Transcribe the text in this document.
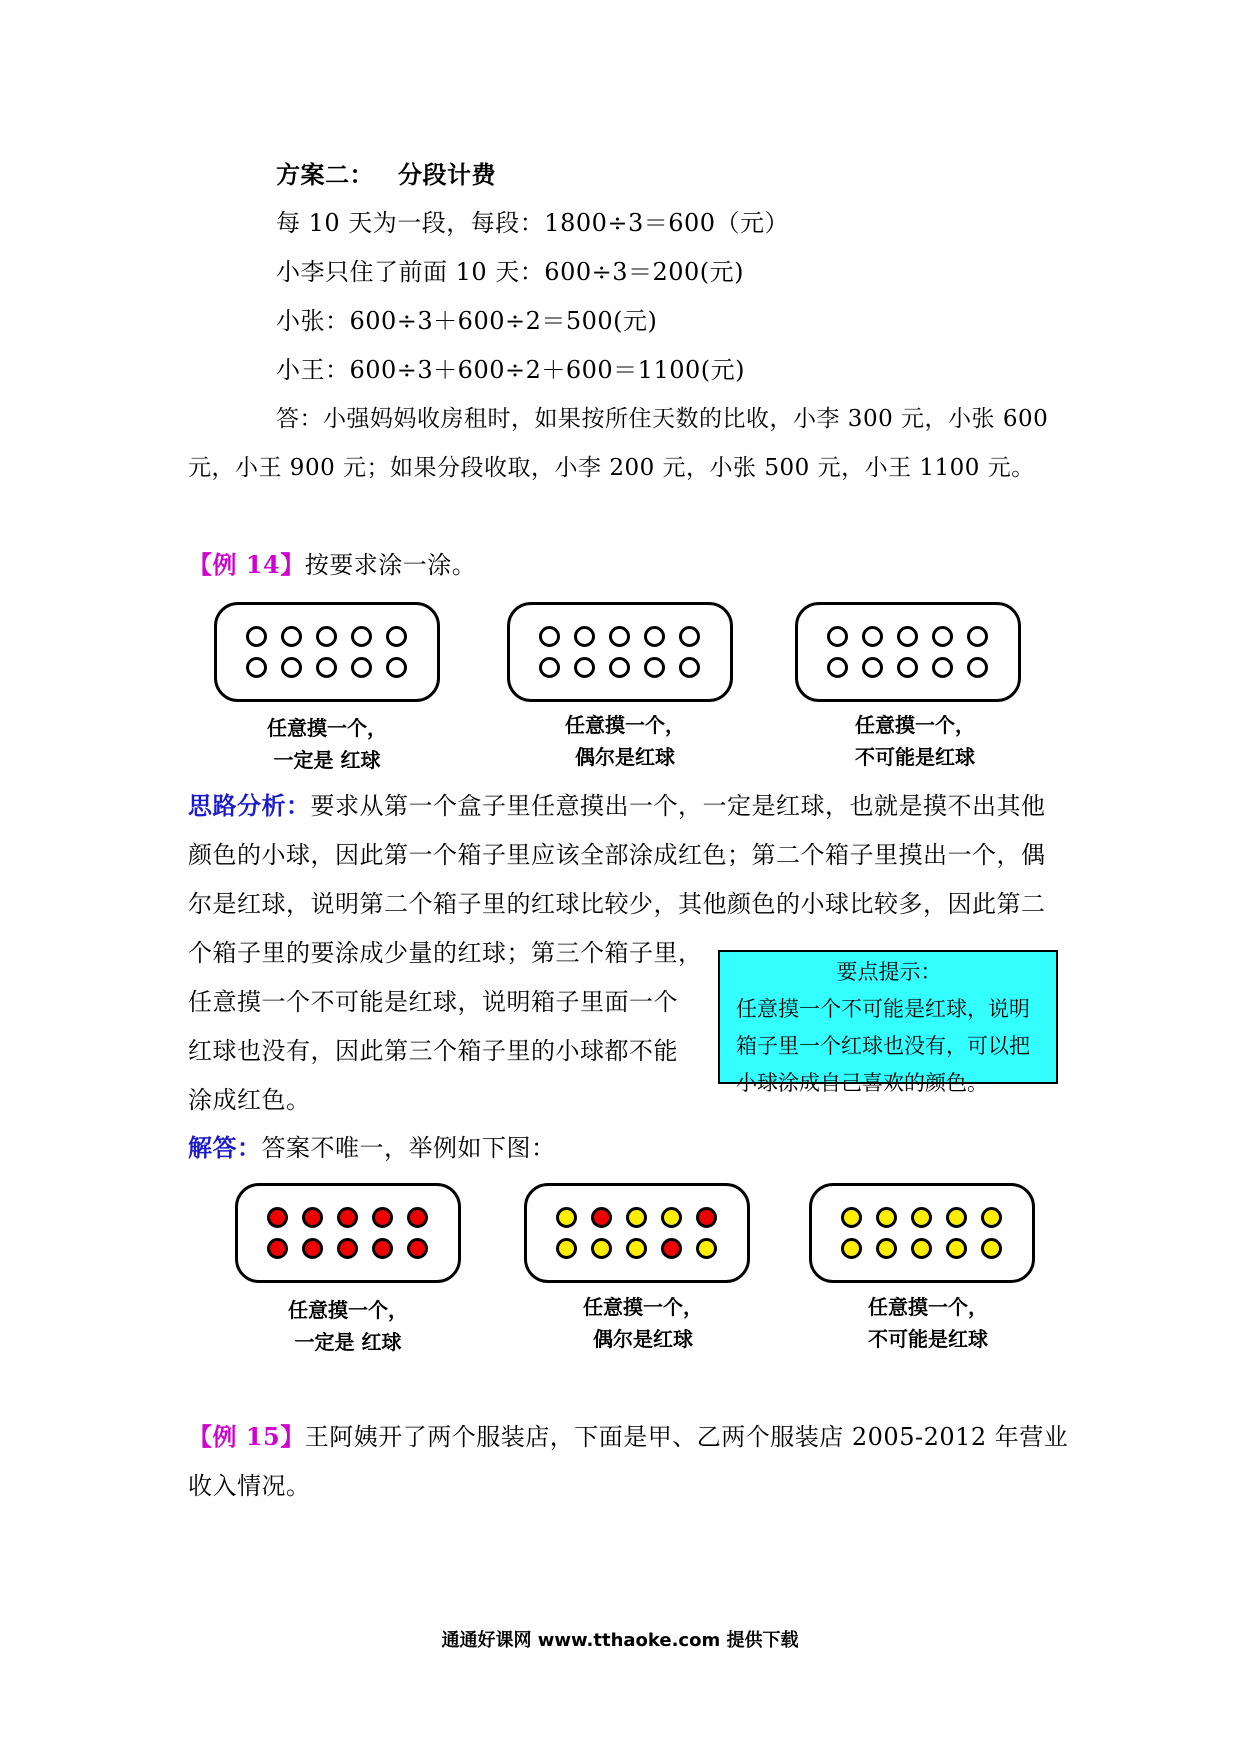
方案二： 分段计费
每 10 天为一段，每段：1800÷3＝600（元）
小李只住了前面 10 天：600÷3＝200(元)
小张：600÷3＋600÷2＝500(元)
小王：600÷3＋600÷2＋600＝1100(元)
答：小强妈妈收房租时，如果按所住天数的比收，小李 300 元，小张 600
元，小王 900 元；如果分段收取，小李 200 元，小张 500 元，小王 1100 元。
【例 14】按要求涂一涂。
任意摸一个，
一定是 红球
任意摸一个，
偶尔是红球
任意摸一个，
不可能是红球
思路分析：要求从第一个盒子里任意摸出一个，一定是红球，也就是摸不出其他
颜色的小球，因此第一个箱子里应该全部涂成红色；第二个箱子里摸出一个，偶
尔是红球，说明第二个箱子里的红球比较少，其他颜色的小球比较多，因此第二
个箱子里的要涂成少量的红球；第三个箱子里，
任意摸一个不可能是红球，说明箱子里面一个
红球也没有，因此第三个箱子里的小球都不能
涂成红色。
要点提示：
任意摸一个不可能是红球，说明
箱子里一个红球也没有，可以把
小球涂成自己喜欢的颜色。
解答：答案不唯一，举例如下图：
任意摸一个，
一定是 红球
任意摸一个，
偶尔是红球
任意摸一个，
不可能是红球
【例 15】王阿姨开了两个服装店，下面是甲、乙两个服装店 2005-2012 年营业
收入情况。
通通好课网 www.tthaoke.com 提供下载
